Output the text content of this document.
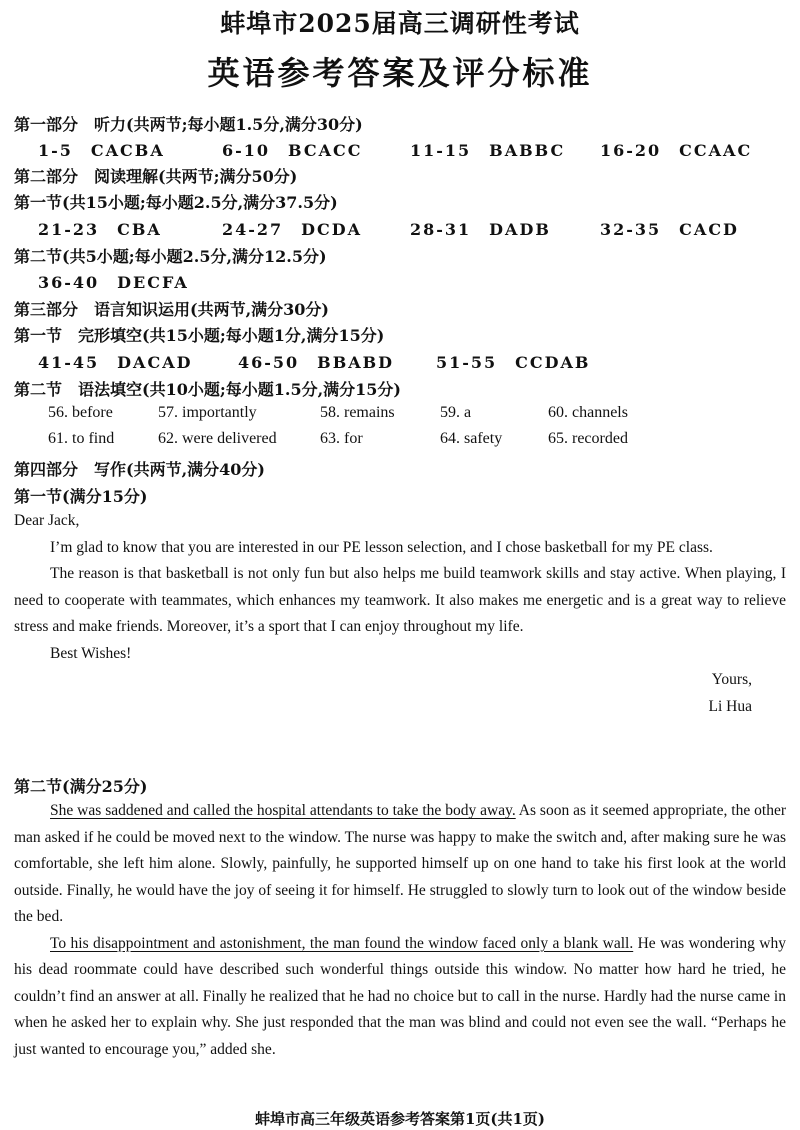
蚌埠市2025届高三调研性考试
英语参考答案及评分标准
第一部分　听力(共两节;每小题1.5分,满分30分)
1-5　CACBA	6-10　BCACC	11-15　BABBC 16-20　CCAAC
第二部分　阅读理解(共两节;满分50分)
第一节(共15小题;每小题2.5分,满分37.5分)
21-23　CBA	24-27　DCDA	28-31　DADB	32-35　CACD
第二节(共5小题;每小题2.5分,满分12.5分)
36-40　DECFA
第三部分　语言知识运用(共两节,满分30分)
第一节　完形填空(共15小题;每小题1分,满分15分)
41-45　DACAD	46-50　BBABD	51-55　CCDAB
第二节　语法填空(共10小题;每小题1.5分,满分15分)
56. before	57. importantly	58. remains	59. a	60. channels
61. to find	62. were delivered	63. for	64. safety	65. recorded
第四部分　写作(共两节,满分40分)
第一节(满分15分)

Dear Jack,

I’m glad to know that you are interested in our PE lesson selection, and I chose basketball for my PE class.

The reason is that basketball is not only fun but also helps me build teamwork skills and stay active. When playing, I need to cooperate with teammates, which enhances my teamwork. It also makes me energetic and is a great way to relieve stress and make friends. Moreover, it’s a sport that I can enjoy throughout my life.

Best Wishes!

Yours,

Li Hua

第二节(满分25分)

She was saddened and called the hospital attendants to take the body away. As soon as it seemed appropriate, the other man asked if he could be moved next to the window. The nurse was happy to make the switch and, after making sure he was comfortable, she left him alone. Slowly, painfully, he supported himself up on one hand to take his first look at the world outside. Finally, he would have the joy of seeing it for himself. He struggled to slowly turn to look out of the window beside the bed.

To his disappointment and astonishment, the man found the window faced only a blank wall. He was wondering why his dead roommate could have described such wonderful things outside this window. No matter how hard he tried, he couldn’t find an answer at all. Finally he realized that he had no choice but to call in the nurse. Hardly had the nurse came in when he asked her to explain why. She just responded that the man was blind and could not even see the wall. “Perhaps he just wanted to encourage you,” added she.

蚌埠市高三年级英语参考答案第1页(共1页)
